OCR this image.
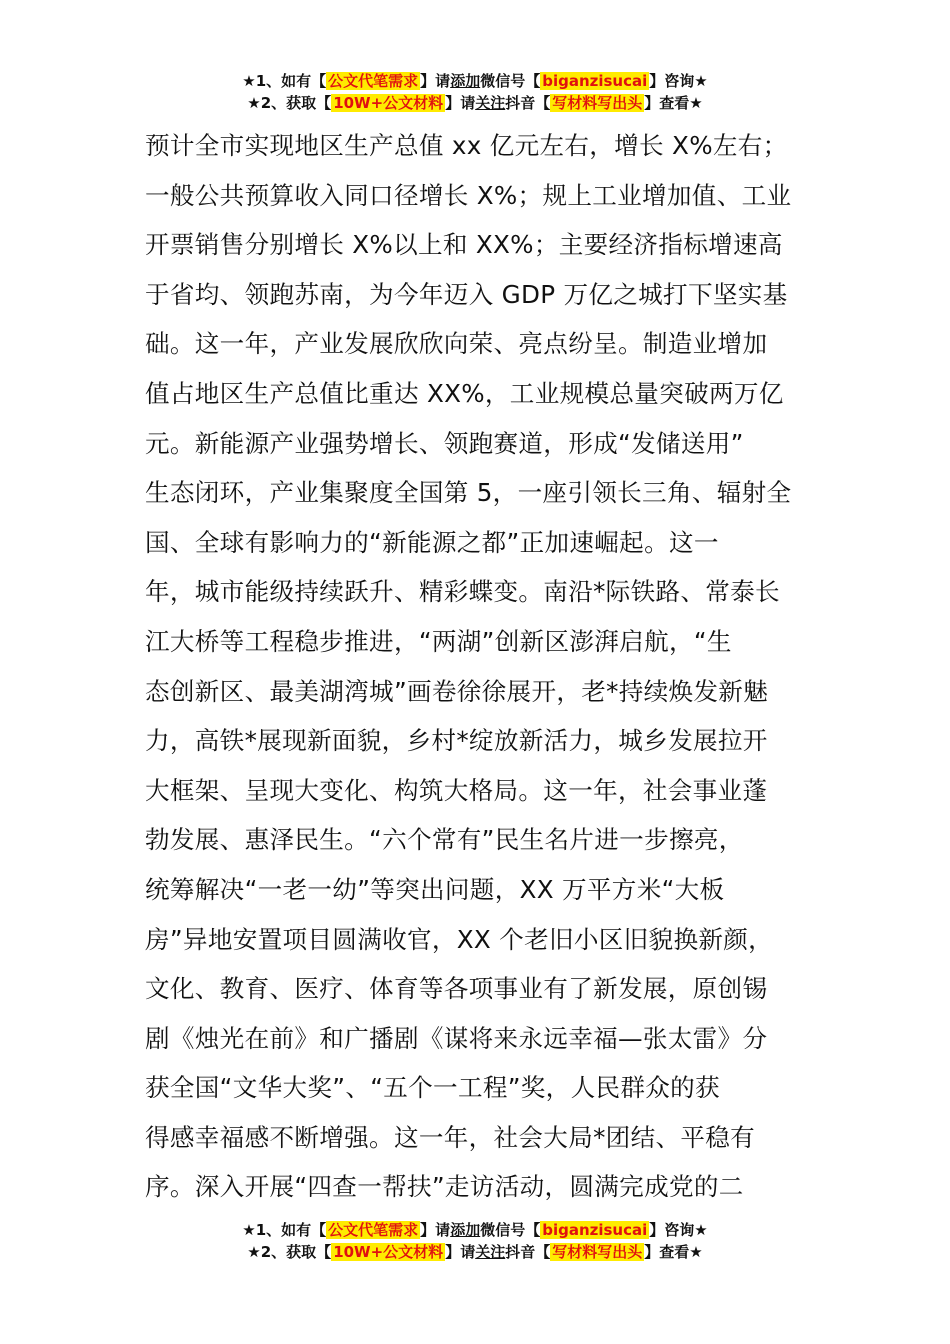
★1、如有【 公文代笔需求 】请添加微信号【 biganzisucai 】咨询★
★2、获取【 10W+公文材料 】请关注抖音【 写材料写出头 】查看★
预计全市实现地区生产总值 xx 亿元左右，增长 X%左右；
一般公共预算收入同口径增长 X%；规上工业增加值、工业
开票销售分别增长 X%以上和 XX%；主要经济指标增速高
于省均、领跑苏南，为今年迈入 GDP 万亿之城打下坚实基
础。这一年，产业发展欣欣向荣、亮点纷呈。制造业增加
值占地区生产总值比重达 XX%，工业规模总量突破两万亿
元。新能源产业强势增长、领跑赛道，形成“发储送用”
生态闭环，产业集聚度全国第 5，一座引领长三角、辐射全
国、全球有影响力的“新能源之都”正加速崛起。这一
年，城市能级持续跃升、精彩蝶变。南沿*际铁路、常泰长
江大桥等工程稳步推进，“两湖”创新区澎湃启航，“生
态创新区、最美湖湾城”画卷徐徐展开，老*持续焕发新魅
力，高铁*展现新面貌，乡村*绽放新活力，城乡发展拉开
大框架、呈现大变化、构筑大格局。这一年，社会事业蓬
勃发展、惠泽民生。“六个常有”民生名片进一步擦亮，
统筹解决“一老一幼”等突出问题，XX 万平方米“大板
房”异地安置项目圆满收官，XX 个老旧小区旧貌换新颜，
文化、教育、医疗、体育等各项事业有了新发展，原创锡
剧《烛光在前》和广播剧《谋将来永远幸福—张太雷》分
获全国“文华大奖”、“五个一工程”奖，人民群众的获
得感幸福感不断增强。这一年，社会大局*团结、平稳有
序。深入开展“四查一帮扶”走访活动，圆满完成党的二
★1、如有【 公文代笔需求 】请添加微信号【 biganzisucai 】咨询★
★2、获取【 10W+公文材料 】请关注抖音【 写材料写出头 】查看★
